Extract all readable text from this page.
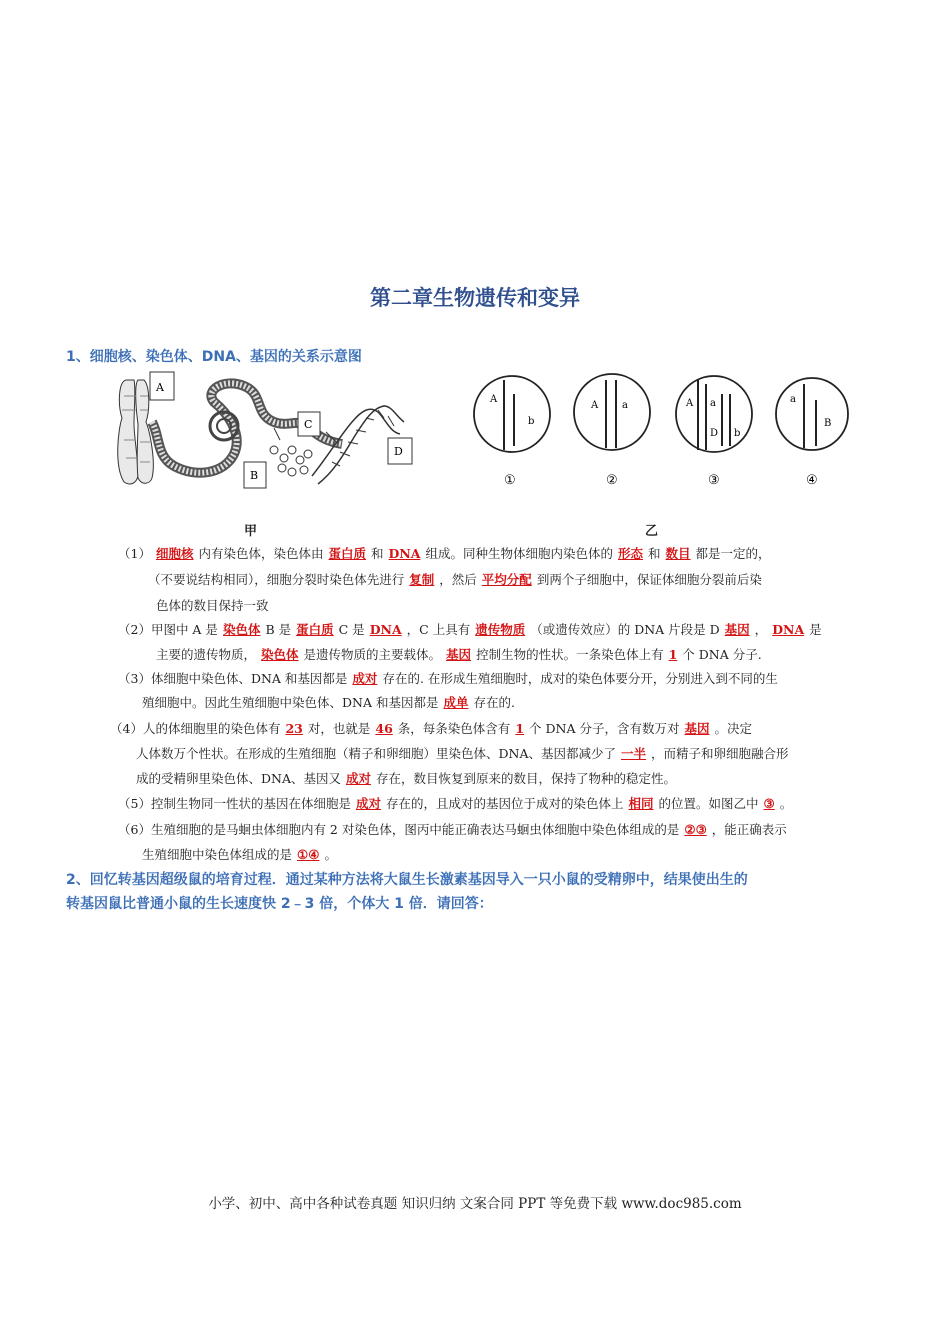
第二章生物遗传和变异
1、细胞核、染色体、DNA、基因的关系示意图
A
B
C
D
A
b
①
A a
②
A a
D b
③
a
B
④
甲	乙
（1） 细胞核 内有染色体，染色体由 蛋白质 和 DNA 组成。同种生物体细胞内染色体的 形态 和 数目 都是一定的，
（不要说结构相同），细胞分裂时染色体先进行 复制 ，然后 平均分配 到两个子细胞中，保证体细胞分裂前后染
色体的数目保持一致
（2）甲图中 A 是 染色体 B 是 蛋白质 C 是 DNA ，C 上具有 遗传物质 （或遗传效应）的 DNA 片段是 D 基因 ， DNA 是
主要的遗传物质， 染色体 是遗传物质的主要载体。 基因 控制生物的性状。一条染色体上有 1 个 DNA 分子.
（3）体细胞中染色体、DNA 和基因都是 成对 存在的. 在形成生殖细胞时，成对的染色体要分开，分别进入到不同的生
殖细胞中。因此生殖细胞中染色体、DNA 和基因都是 成单 存在的.
（4）人的体细胞里的染色体有 23 对，也就是 46 条，每条染色体含有 1 个 DNA 分子，含有数万对 基因 。决定
人体数万个性状。在形成的生殖细胞（精子和卵细胞）里染色体、DNA、基因都减少了 一半 ，而精子和卵细胞融合形
成的受精卵里染色体、DNA、基因又 成对 存在，数目恢复到原来的数目，保持了物种的稳定性。
（5）控制生物同一性状的基因在体细胞是 成对 存在的，且成对的基因位于成对的染色体上 相同 的位置。如图乙中 ③ 。
（6）生殖细胞的是马蛔虫体细胞内有 2 对染色体，图丙中能正确表达马蛔虫体细胞中染色体组成的是 ②③ ，能正确表示
生殖细胞中染色体组成的是 ①④ 。
2、回忆转基因超级鼠的培育过程．通过某种方法将大鼠生长激素基因导入一只小鼠的受精卵中，结果使出生的
转基因鼠比普通小鼠的生长速度快 2﹣3 倍，个体大 1 倍．请回答：
小学、初中、高中各种试卷真题 知识归纳 文案合同 PPT 等免费下载 www.doc985.com
